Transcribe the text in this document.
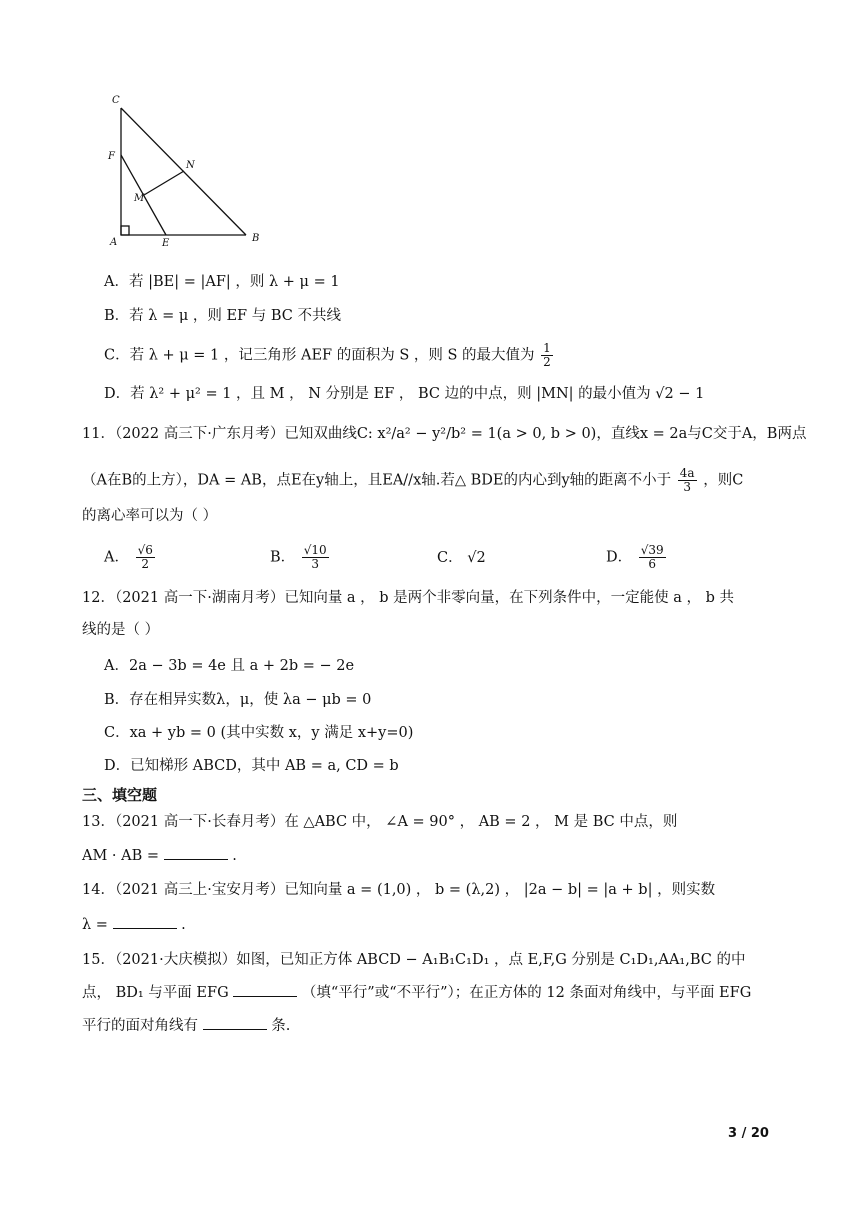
C
F
N
M
A	E	B
A．若 |BE| = |AF| ，则 λ + μ = 1
B．若 λ = μ ，则 EF 与 BC 不共线
C．若 λ + μ = 1 ，记三角形 AEF 的面积为 S ，则 S 的最大值为 $\frac{1}{2}$
D．若 λ² + μ² = 1 ，且 M ， N 分别是 EF ， BC 边的中点，则 |MN| 的最小值为 √2 − 1
11．（2022 高三下·广东月考）已知双曲线C: x²/a² − y²/b² = 1(a > 0, b > 0)，直线x = 2a与C交于A，B两点
（A在B的上方），DA = AB，点E在y轴上，且EA//x轴.若△ BDE的内心到y轴的距离不小于 $\frac{4a}{3}$ ，则C
的离心率可以为（ ）
A． $\frac{√6}{2}$	B． $\frac{√10}{3}$	C． √2	D． $\frac{√39}{6}$
12．（2021 高一下·湖南月考）已知向量 a ， b 是两个非零向量，在下列条件中，一定能使 a ， b 共
线的是（ ）
A．2a − 3b = 4e 且 a + 2b = − 2e
B．存在相异实数λ，μ，使 λa − μb = 0
C．xa + yb = 0 (其中实数 x，y 满足 x+y=0)
D．已知梯形 ABCD，其中 AB = a, CD = b
三、填空题
13．（2021 高一下·长春月考）在 △ABC 中， ∠A = 90° ， AB = 2 ， M 是 BC 中点，则
AM · AB =	.
14．（2021 高三上·宝安月考）已知向量 a = (1,0) ， b = (λ,2) ， |2a − b| = |a + b| ，则实数
λ =	.
15．（2021·大庆模拟）如图，已知正方体 ABCD − A₁B₁C₁D₁ ，点 E,F,G 分别是 C₁D₁,AA₁,BC 的中
点， BD₁ 与平面 EFG	（填“平行”或“不平行”）；在正方体的 12 条面对角线中，与平面 EFG
平行的面对角线有	条.
3 / 20
